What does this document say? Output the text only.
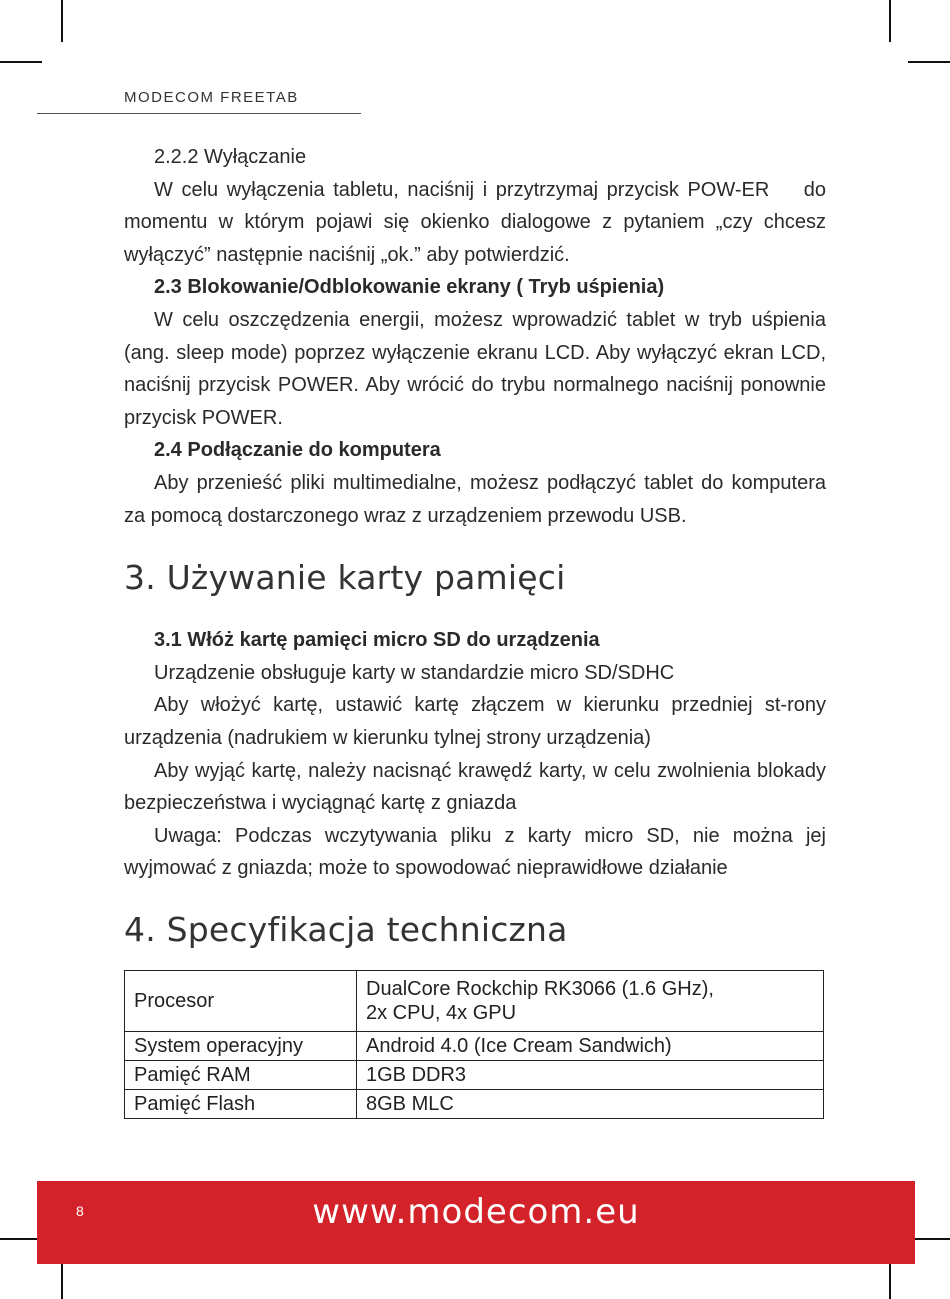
MODECOM FREETAB
2.2.2 Wyłączanie

W celu wyłączenia tabletu, naciśnij i przytrzymaj przycisk POW-ER    do momentu w którym pojawi się okienko dialogowe z pytaniem „czy chcesz wyłączyć” następnie naciśnij „ok.” aby potwierdzić.

2.3 Blokowanie/Odblokowanie ekrany ( Tryb uśpienia)

W celu oszczędzenia energii, możesz wprowadzić tablet w tryb uśpienia (ang. sleep mode) poprzez wyłączenie ekranu LCD. Aby wyłączyć ekran LCD, naciśnij przycisk POWER. Aby wrócić do trybu normalnego naciśnij ponownie przycisk POWER.

2.4 Podłączanie do komputera

Aby przenieść pliki multimedialne, możesz podłączyć tablet do komputera za pomocą dostarczonego wraz z urządzeniem przewodu USB.

3. Używanie karty pamięci
3.1 Włóż kartę pamięci micro SD do urządzenia

Urządzenie obsługuje karty w standardzie micro SD/SDHC

Aby włożyć kartę, ustawić kartę złączem w kierunku przedniej st-rony urządzenia (nadrukiem w kierunku tylnej strony urządzenia)

Aby wyjąć kartę, należy nacisnąć krawędź karty, w celu zwolnienia blokady bezpieczeństwa i wyciągnąć kartę z gniazda

Uwaga: Podczas wczytywania pliku z karty micro SD, nie można jej wyjmować z gniazda; może to spowodować nieprawidłowe działanie

4. Specyfikacja techniczna
Procesor	DualCore Rockchip RK3066 (1.6 GHz),
2x CPU, 4x GPU

System operacyjny	Android 4.0 (Ice Cream Sandwich)
Pamięć RAM	1GB DDR3
Pamięć Flash	8GB MLC
8	www.modecom.eu
